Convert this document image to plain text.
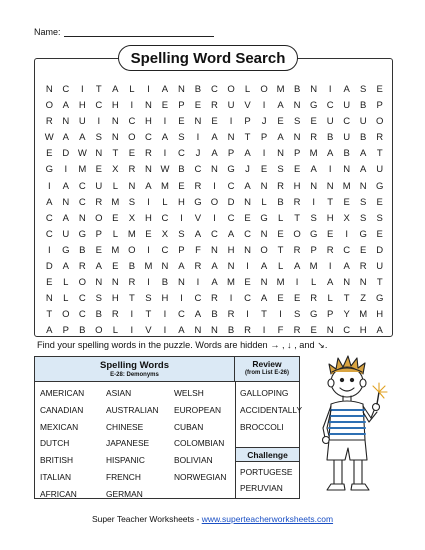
Name:
N	C	I	T	A	L	I	A	N	B	C O	L	O M B	N	I	A	S	E
O	A	H	C	H	I	N	E	P	E	R	U	V	I	A	N G C	U	B	P
R	N	U	I	N	C	H	I	E	N	E	I	P	J	E	S	E	U	C	U O
W A	A	S	N O C	A	S	I	A	N	T	P	A	N	R	B	U	B	R
E	D W N	T	E	R	I	C	J	A	P	A	I	N	P M A	B	A	T
G	I	M E	X	R	N W B	C	N G	J	E	S	E	A	I	N	A	U
I	A	C	U	L	N	A M E	R	I	C	A	N	R	H	N	N M N G
A	N	C	R M S	I	L	H G O D	N	L	B	R	I	T	E	S	E
C	A	N O	E	X	H	C	I	V	I	C	E	G	L	T	S	H	X	S	S
C	U G	P	L	M E	X	S	A	C	A	C	N	E	O G	E	I	G	E
I	G	B	E M O	I	C	P	F	N	H	N O	T	R	P	R	C	E	D
D	A	R	A	E	B M N	A	R	A	N	I	A	L	A M	I	A	R	U
E	L	O N	N	R	I	B	N	I	A M E	N M	I	L	A	N	N	T
N	L	C	S	H	T	S	H	I	C	R	I	C	A	E	E	R	L	T	Z	G
T	O C	B	R	I	T	I	C	A	B	R	I	T	I	S	G	P	Y M H
A	P	B	O	L	I	V	I	A	N	N	B	R	I	F	R	E	N	C	H	A
Spelling Word Search
Find your spelling words in the puzzle. Words are hidden → , ↓ , and ↘.
Spelling Words
E-28: Demonyms
Review
(from List E-26)
AMERICAN
CANADIAN
MEXICAN
DUTCH
BRITISH
ITALIAN
AFRICAN
ASIAN
AUSTRALIAN
CHINESE
JAPANESE
HISPANIC
FRENCH
GERMAN
WELSH
EUROPEAN
CUBAN
COLOMBIAN
BOLIVIAN
NORWEGIAN
GALLOPING
ACCIDENTALLY
BROCCOLI
Challenge
PORTUGESE
PERUVIAN
Super Teacher Worksheets - www.superteacherworksheets.com
